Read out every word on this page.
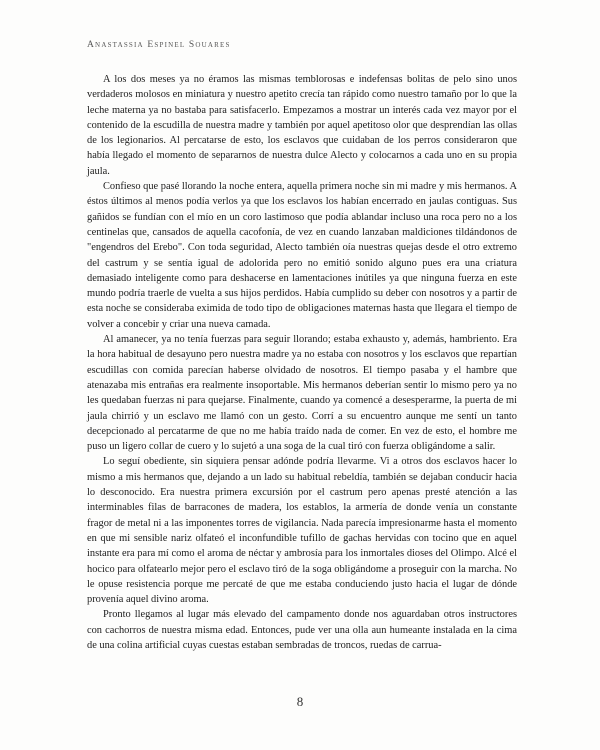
Anastassia Espinel Souares

A los dos meses ya no éramos las mismas temblorosas e indefensas bolitas de pelo sino unos verdaderos molosos en miniatura y nuestro apetito crecía tan rápido como nuestro tamaño por lo que la leche materna ya no bastaba para satisfacerlo. Empezamos a mostrar un interés cada vez mayor por el contenido de la escudilla de nuestra madre y también por aquel apetitoso olor que desprendían las ollas de los legionarios. Al percatarse de esto, los esclavos que cuidaban de los perros consideraron que había llegado el momento de separarnos de nuestra dulce Alecto y colocarnos a cada uno en su propia jaula.

Confieso que pasé llorando la noche entera, aquella primera noche sin mi madre y mis hermanos. A éstos últimos al menos podía verlos ya que los esclavos los habían encerrado en jaulas contiguas. Sus gañidos se fundían con el mío en un coro lastimoso que podía ablandar incluso una roca pero no a los centinelas que, cansados de aquella cacofonía, de vez en cuando lanzaban maldiciones tildándonos de "engendros del Erebo". Con toda seguridad, Alecto también oía nuestras quejas desde el otro extremo del castrum y se sentía igual de adolorida pero no emitió sonido alguno pues era una criatura demasiado inteligente como para deshacerse en lamentaciones inútiles ya que ninguna fuerza en este mundo podría traerle de vuelta a sus hijos perdidos. Había cumplido su deber con nosotros y a partir de esta noche se consideraba eximida de todo tipo de obligaciones maternas hasta que llegara el tiempo de volver a concebir y criar una nueva camada.

Al amanecer, ya no tenía fuerzas para seguir llorando; estaba exhausto y, además, hambriento. Era la hora habitual de desayuno pero nuestra madre ya no estaba con nosotros y los esclavos que repartían escudillas con comida parecían haberse olvidado de nosotros. El tiempo pasaba y el hambre que atenazaba mis entrañas era realmente insoportable. Mis hermanos deberían sentir lo mismo pero ya no les quedaban fuerzas ni para quejarse. Finalmente, cuando ya comencé a desesperarme, la puerta de mi jaula chirrió y un esclavo me llamó con un gesto. Corrí a su encuentro aunque me sentí un tanto decepcionado al percatarme de que no me había traído nada de comer. En vez de esto, el hombre me puso un ligero collar de cuero y lo sujetó a una soga de la cual tiró con fuerza obligándome a salir.

Lo seguí obediente, sin siquiera pensar adónde podría llevarme. Vi a otros dos esclavos hacer lo mismo a mis hermanos que, dejando a un lado su habitual rebeldía, también se dejaban conducir hacia lo desconocido. Era nuestra primera excursión por el castrum pero apenas presté atención a las interminables filas de barracones de madera, los establos, la armería de donde venía un constante fragor de metal ni a las imponentes torres de vigilancia. Nada parecía impresionarme hasta el momento en que mi sensible nariz olfateó el inconfundible tufillo de gachas hervidas con tocino que en aquel instante era para mí como el aroma de néctar y ambrosía para los inmortales dioses del Olimpo. Alcé el hocico para olfatearlo mejor pero el esclavo tiró de la soga obligándome a proseguir con la marcha. No le opuse resistencia porque me percaté de que me estaba conduciendo justo hacia el lugar de dónde provenía aquel divino aroma.

Pronto llegamos al lugar más elevado del campamento donde nos aguardaban otros instructores con cachorros de nuestra misma edad. Entonces, pude ver una olla aun humeante instalada en la cima de una colina artificial cuyas cuestas estaban sembradas de troncos, ruedas de carrua-

8
